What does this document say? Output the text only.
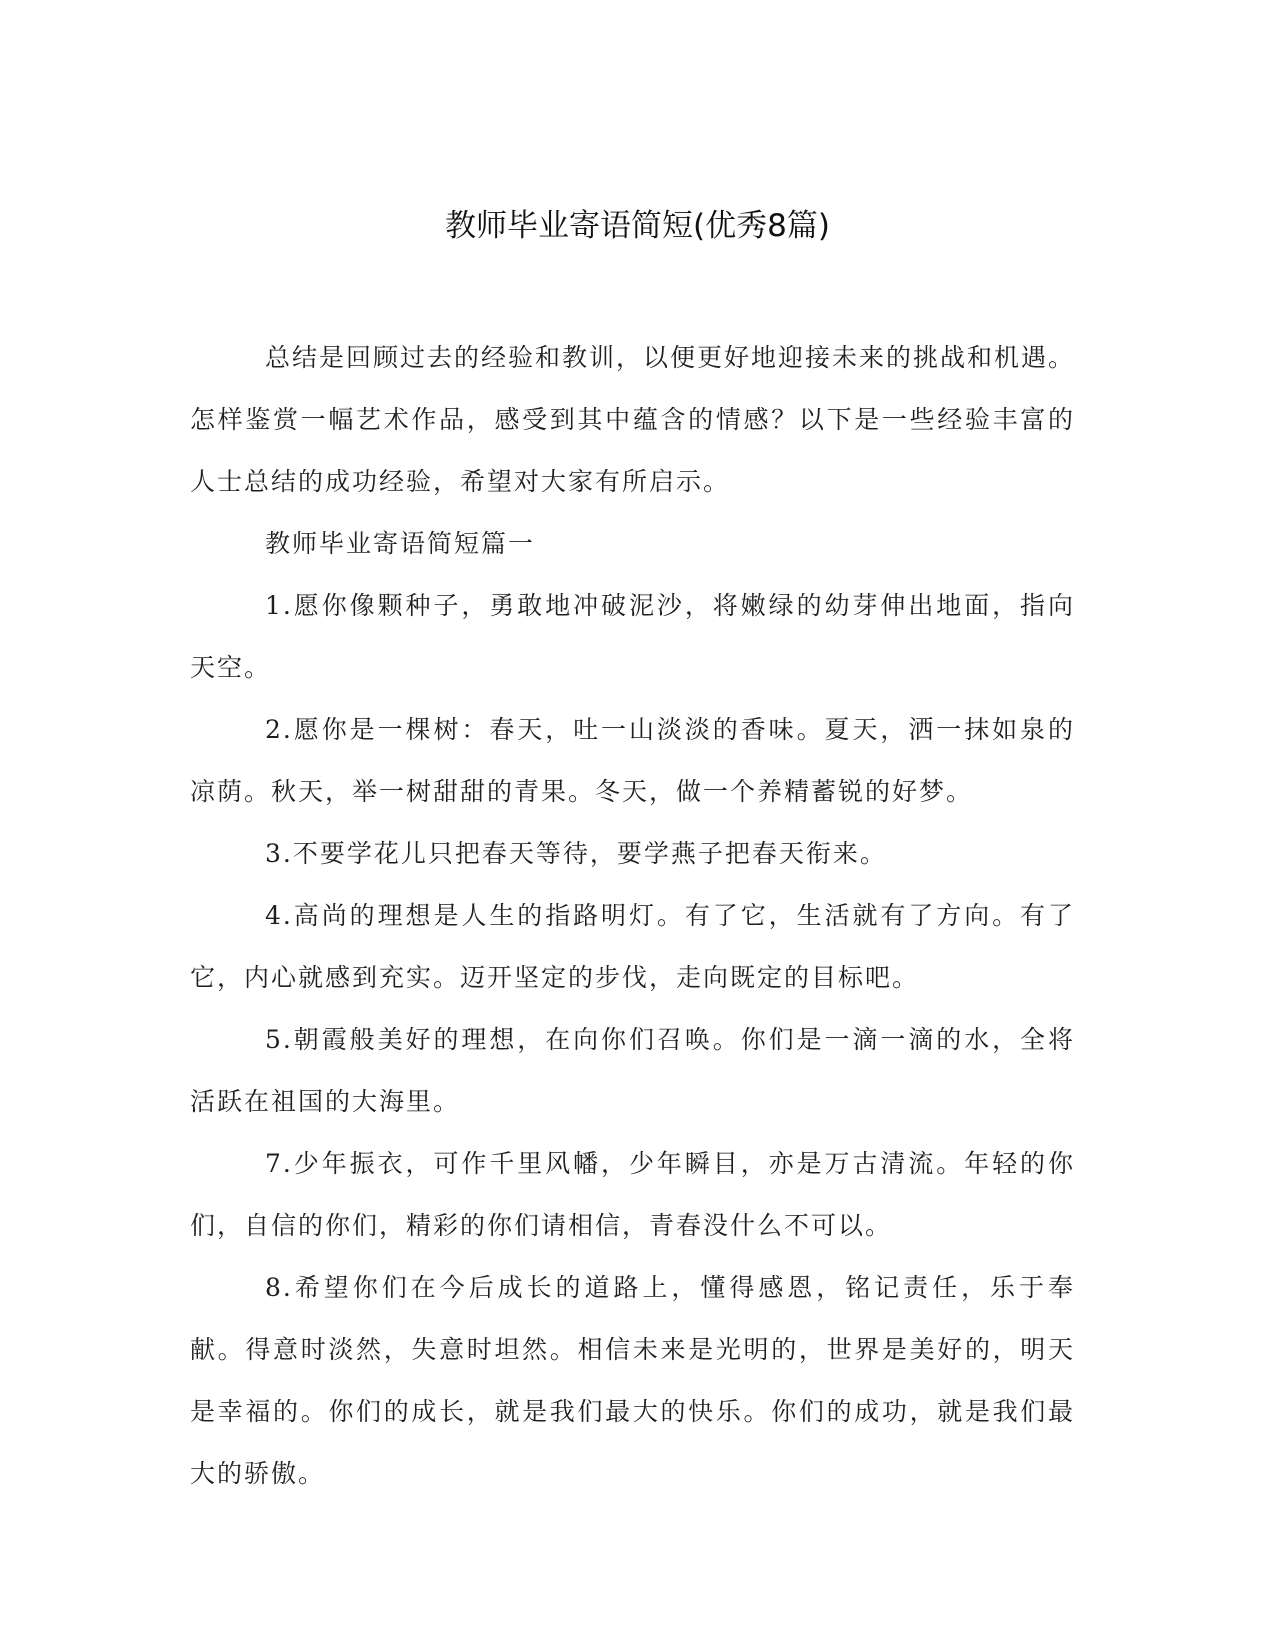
教师毕业寄语简短(优秀8篇)

总结是回顾过去的经验和教训，以便更好地迎接未来的挑战和机遇。怎样鉴赏一幅艺术作品，感受到其中蕴含的情感？以下是一些经验丰富的人士总结的成功经验，希望对大家有所启示。

教师毕业寄语简短篇一

1.愿你像颗种子，勇敢地冲破泥沙，将嫩绿的幼芽伸出地面，指向天空。

2.愿你是一棵树：春天，吐一山淡淡的香味。夏天，洒一抹如泉的凉荫。秋天，举一树甜甜的青果。冬天，做一个养精蓄锐的好梦。

3.不要学花儿只把春天等待，要学燕子把春天衔来。

4.高尚的理想是人生的指路明灯。有了它，生活就有了方向。有了它，内心就感到充实。迈开坚定的步伐，走向既定的目标吧。

5.朝霞般美好的理想，在向你们召唤。你们是一滴一滴的水，全将活跃在祖国的大海里。

7.少年振衣，可作千里风幡，少年瞬目，亦是万古清流。年轻的你们，自信的你们，精彩的你们请相信，青春没什么不可以。

8.希望你们在今后成长的道路上，懂得感恩，铭记责任，乐于奉献。得意时淡然，失意时坦然。相信未来是光明的，世界是美好的，明天是幸福的。你们的成长，就是我们最大的快乐。你们的成功，就是我们最大的骄傲。
